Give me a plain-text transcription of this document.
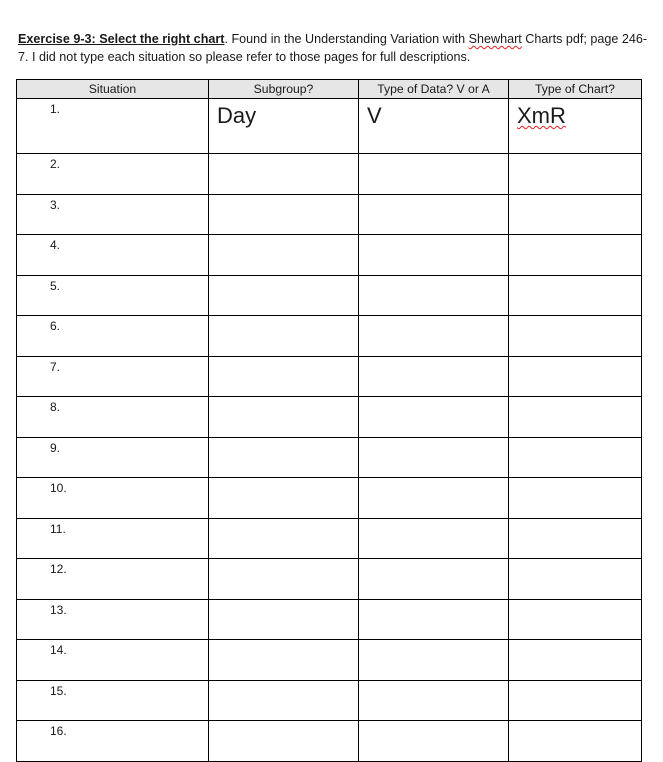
Exercise 9-3: Select the right chart. Found in the Understanding Variation with Shewhart Charts pdf; page 246-7. I did not type each situation so please refer to those pages for full descriptions.
Situation	Subgroup?	Type of Data? V or A	Type of Chart?
1.	Day	V	XmR
2.			
3.			
4.			
5.			
6.			
7.			
8.			
9.			
10.			
11.			
12.			
13.			
14.			
15.			
16.			
